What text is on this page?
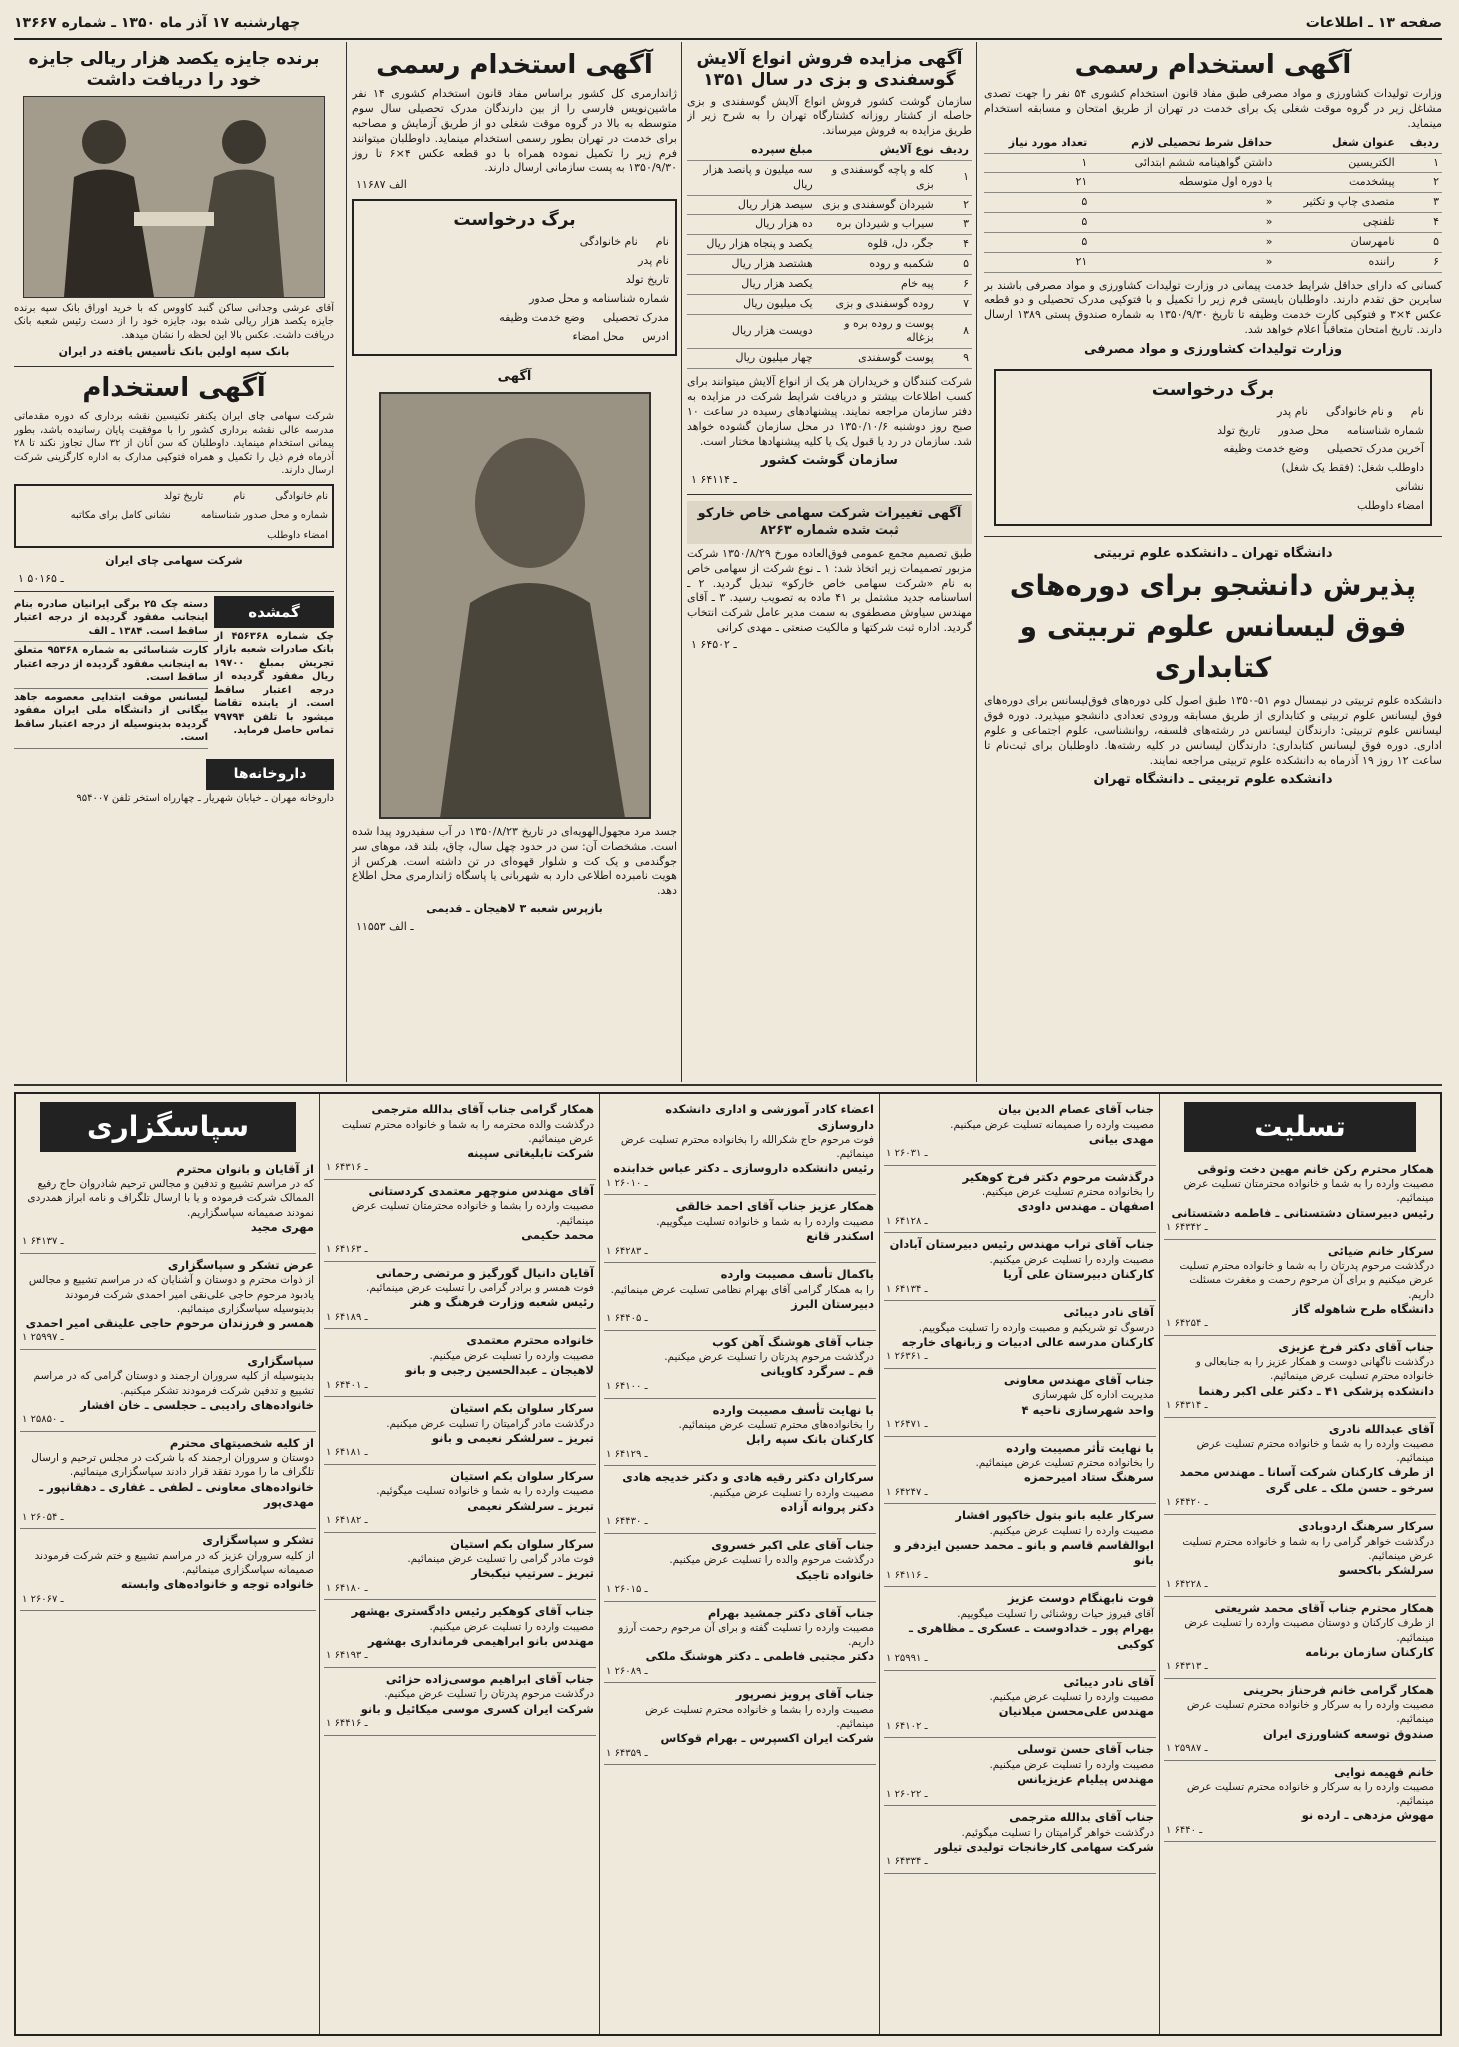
صفحه ۱۳ ـ اطلاعات
چهارشنبه ۱۷ آذر ماه ۱۳۵۰ ـ شماره ۱۳۶۶۷
آگهی استخدام رسمی
وزارت تولیدات کشاورزی و مواد مصرفی طبق مفاد قانون استخدام کشوری ۵۴ نفر را جهت تصدی مشاغل زیر در گروه موقت شغلی یک برای خدمت در تهران از طریق امتحان و مسابقه استخدام مینماید.
ردیف	عنوان شغل	حداقل شرط تحصیلی لازم	تعداد مورد نیاز
۱	الکتریسین	داشتن گواهینامه ششم ابتدائی	۱
۲	پیشخدمت	یا دوره اول متوسطه	۲۱
۳	متصدی چاپ و تکثیر	«	۵
۴	تلفنچی	«	۵
۵	نامهرسان	«	۵
۶	راننده	«	۲۱
کسانی که دارای حداقل شرایط خدمت پیمانی در وزارت تولیدات کشاورزی و مواد مصرفی باشند بر سایرین حق تقدم دارند. داوطلبان بایستی فرم زیر را تکمیل و با فتوکپی مدرک تحصیلی و دو قطعه عکس ۴×۳ و فتوکپی کارت خدمت وظیفه تا تاریخ ۱۳۵۰/۹/۳۰ به شماره صندوق پستی ۱۳۸۹ ارسال دارند. تاریخ امتحان متعاقباً اعلام خواهد شد.
وزارت تولیدات کشاورزی و مواد مصرفی
برگ درخواست
نام
و نام خانوادگی
نام پدر
شماره شناسنامه
محل صدور
تاریخ تولد
آخرین مدرک تحصیلی
وضع خدمت وظیفه
داوطلب شغل: (فقط یک شغل)
نشانی
امضاء داوطلب
دانشگاه تهران ـ دانشکده علوم تربیتی
پذیرش دانشجو برای دوره‌های فوق لیسانس علوم تربیتی و کتابداری
دانشکده علوم تربیتی در نیمسال دوم ۵۱-۱۳۵۰ طبق اصول کلی دوره‌های فوق‌لیسانس برای دوره‌های فوق لیسانس علوم تربیتی و کتابداری از طریق مسابقه ورودی تعدادی دانشجو میپذیرد. دوره فوق لیسانس علوم تربیتی: دارندگان لیسانس در رشته‌های فلسفه، روانشناسی، علوم اجتماعی و علوم اداری. دوره فوق لیسانس کتابداری: دارندگان لیسانس در کلیه رشته‌ها. داوطلبان برای ثبت‌نام تا ساعت ۱۲ روز ۱۹ آذرماه به دانشکده علوم تربیتی مراجعه نمایند.
دانشکده علوم تربیتی ـ دانشگاه تهران
آگهی مزایده فروش انواع آلایش گوسفندی و بزی در سال ۱۳۵۱
سازمان گوشت کشور فروش انواع آلایش گوسفندی و بزی حاصله از کشتار روزانه کشتارگاه تهران را به شرح زیر از طریق مزایده به فروش میرساند.
ردیف	نوع آلایش	مبلغ سپرده
۱	کله و پاچه گوسفندی و بزی	سه میلیون و پانصد هزار ریال
۲	شیردان گوسفندی و بزی	سیصد هزار ریال
۳	سیراب و شیردان بره	ده هزار ریال
۴	جگر، دل، قلوه	یکصد و پنجاه هزار ریال
۵	شکمبه و روده	هشتصد هزار ریال
۶	پیه خام	یکصد هزار ریال
۷	روده گوسفندی و بزی	یک میلیون ریال
۸	پوست و روده بره و بزغاله	دویست هزار ریال
۹	پوست گوسفندی	چهار میلیون ریال
شرکت کنندگان و خریداران هر یک از انواع آلایش میتوانند برای کسب اطلاعات بیشتر و دریافت شرایط شرکت در مزایده به دفتر سازمان مراجعه نمایند. پیشنهادهای رسیده در ساعت ۱۰ صبح روز دوشنبه ۱۳۵۰/۱۰/۶ در محل سازمان گشوده خواهد شد. سازمان در رد یا قبول یک یا کلیه پیشنهادها مختار است.
سازمان گوشت کشور
۱ ـ ۶۴۱۱۴
آگهی تغییرات شرکت سهامی خاص خارکو ثبت شده شماره ۸۲۶۳
طبق تصمیم مجمع عمومی فوق‌العاده مورخ ۱۳۵۰/۸/۲۹ شرکت مزبور تصمیمات زیر اتخاذ شد: ۱ ـ نوع شرکت از سهامی خاص به نام «شرکت سهامی خاص خارکو» تبدیل گردید. ۲ ـ اساسنامه جدید مشتمل بر ۴۱ ماده به تصویب رسید. ۳ ـ آقای مهندس سیاوش مصطفوی به سمت مدیر عامل شرکت انتخاب گردید. اداره ثبت شرکتها و مالکیت صنعتی ـ مهدی کرانی
۱ ـ ۶۴۵۰۲
آگهی استخدام رسمی
ژاندارمری کل کشور براساس مفاد قانون استخدام کشوری ۱۴ نفر ماشین‌نویس فارسی را از بین دارندگان مدرک تحصیلی سال سوم متوسطه به بالا در گروه موقت شغلی دو از طریق آزمایش و مصاحبه برای خدمت در تهران بطور رسمی استخدام مینماید. داوطلبان میتوانند فرم زیر را تکمیل نموده همراه با دو قطعه عکس ۴×۶ تا روز ۱۳۵۰/۹/۳۰ به پست سازمانی ارسال دارند.
الف ۱۱۶۸۷
برگ درخواست
نام
نام خانوادگی
نام پدر
تاریخ تولد
شماره شناسنامه و محل صدور
مدرک تحصیلی
وضع خدمت وظیفه
ادرس
محل امضاء
آگهی
جسد مرد مجهول‌الهویه‌ای در تاریخ ۱۳۵۰/۸/۲۳ در آب سفیدرود پیدا شده است. مشخصات آن: سن در حدود چهل سال، چاق، بلند قد، موهای سر جوگندمی و یک کت و شلوار قهوه‌ای در تن داشته است. هرکس از هویت نامبرده اطلاعی دارد به شهربانی یا پاسگاه ژاندارمری محل اطلاع دهد.
بازپرس شعبه ۳ لاهیجان ـ قدیمی
۱۱۵۵۳ ـ الف
برنده جایزه یکصد هزار ریالی جایزه خود را دریافت داشت
آقای عرشی وجدانی ساکن گنبد کاووس که با خرید اوراق بانک سپه برنده جایزه یکصد هزار ریالی شده بود، جایزه خود را از دست رئیس شعبه بانک دریافت داشت. عکس بالا این لحظه را نشان میدهد.
بانک سپه اولین بانک تأسیس یافته در ایران
آگهی استخدام
شرکت سهامی چای ایران یکنفر تکنیسین نقشه برداری که دوره مقدماتی مدرسه عالی نقشه برداری کشور را با موفقیت پایان رسانیده باشد، بطور پیمانی استخدام مینماید. داوطلبان که سن آنان از ۳۲ سال تجاوز نکند تا ۲۸ آذرماه فرم ذیل را تکمیل و همراه فتوکپی مدارک به اداره کارگزینی شرکت ارسال دارند.
نام خانوادگی
نام
تاریخ تولد
شماره و محل صدور شناسنامه
نشانی کامل برای مکاتبه
امضاء داوطلب
شرکت سهامی چای ایران
۱ ـ ۵۰۱۶۵
گمشده
چک شماره ۴۵۶۳۶۸ از بانک صادرات شعبه بازار تجریش بمبلغ ۱۹۷۰۰ ریال مفقود گردیده از درجه اعتبار ساقط است. از یابنده تقاضا میشود با تلفن ۷۹۷۹۴ تماس حاصل فرماید.
دسته چک ۲۵ برگی ایرانیان صادره بنام اینجانب مفقود گردیده از درجه اعتبار ساقط است. ۱۳۸۴ ـ الف
کارت شناسائی به شماره ۹۵۳۶۸ متعلق به اینجانب مفقود گردیده از درجه اعتبار ساقط است.
لیسانس موقت ابتدایی معصومه جاهد بیگانی از دانشگاه ملی ایران مفقود گردیده بدینوسیله از درجه اعتبار ساقط است.
داروخانه‌ها
داروخانه مهران ـ خیابان شهریار ـ چهارراه استخر تلفن ۹۵۴۰۰۷
تسلیت
همکار محترم رکن خانم مهین دخت وثوقی
مصیبت وارده را به شما و خانواده محترمتان تسلیت عرض مینمائیم.
رئیس دبیرستان دشتستانی ـ فاطمه دشتستانی
۱ ـ ۶۴۳۴۲
سرکار خانم ضیائی
درگذشت مرحوم پدرتان را به شما و خانواده محترم تسلیت عرض میکنیم و برای آن مرحوم رحمت و مغفرت مسئلت داریم.
دانشگاه طرح شاهوله گاز
۱ ـ ۶۴۲۵۴
جناب آقای دکتر فرخ عزیزی
درگذشت ناگهانی دوست و همکار عزیز را به جنابعالی و خانواده محترم تسلیت عرض مینمائیم.
دانشکده پزشکی ۴۱ ـ دکتر علی اکبر رهنما
۱ ـ ۶۴۳۱۴
آقای عبدالله نادری
مصیبت وارده را به شما و خانواده محترم تسلیت عرض مینمائیم.
از طرف کارکنان شرکت آسانا ـ مهندس محمد سرخو ـ حسن ملک ـ علی گری
۱ ـ ۶۴۴۲۰
سرکار سرهنگ اردوبادی
درگذشت خواهر گرامی را به شما و خانواده محترم تسلیت عرض مینمائیم.
سرلشکر باکحسو
۱ ـ ۶۴۲۲۸
همکار محترم جناب آقای محمد شریعتی
از طرف کارکنان و دوستان مصیبت وارده را تسلیت عرض مینمائیم.
کارکنان سازمان برنامه
۱ ـ ۶۴۳۱۳
همکار گرامی خانم فرحناز بحرینی
مصیبت وارده را به سرکار و خانواده محترم تسلیت عرض مینمائیم.
صندوق توسعه کشاورزی ایران
۱ ـ ۲۵۹۸۷
خانم فهیمه نوایی
مصیبت وارده را به سرکار و خانواده محترم تسلیت عرض مینمائیم.
مهوش مزدهی ـ ارده نو
۱ ـ ۶۴۴۰
جناب آقای عصام الدین بیان
مصیبت وارده را صمیمانه تسلیت عرض میکنیم.
مهدی بیانی
۱ ـ ۲۶۰۳۱
درگذشت مرحوم دکتر فرخ کوهکیر
را بخانواده محترم تسلیت عرض میکنیم.
اصفهان ـ مهندس داودی
۱ ـ ۶۴۱۲۸
جناب آقای تراب مهندس رئیس دبیرستان آبادان
مصیبت وارده را تسلیت عرض میکنیم.
کارکنان دبیرستان علی آریا
۱ ـ ۶۴۱۳۴
آقای نادر دیبائی
درسوگ تو شریکیم و مصیبت وارده را تسلیت میگوییم.
کارکنان مدرسه عالی ادبیات و زبانهای خارجه
۱ ـ ۲۶۳۶۱
جناب آقای مهندس معاونی
مدیریت اداره کل شهرسازی
واحد شهرسازی ناحیه ۴
۱ ـ ۲۶۴۷۱
با نهایت تأثر مصیبت وارده
را بخانواده محترم تسلیت عرض مینمائیم.
سرهنگ ستاد امیرحمزه
۱ ـ ۶۴۲۴۷
سرکار علیه بانو بتول خاکپور افشار
مصیبت وارده را تسلیت عرض میکنیم.
ابوالقاسم قاسم و بانو ـ محمد حسین ایزدفر و بانو
۱ ـ ۶۴۱۱۶
فوت نابهنگام دوست عزیز
آقای فیروز حیات روشنائی را تسلیت میگوییم.
بهرام پور ـ خدادوست ـ عسکری ـ مظاهری ـ کوکبی
۱ ـ ۲۵۹۹۱
آقای نادر دیبائی
مصیبت وارده را تسلیت عرض میکنیم.
مهندس علی‌محسن میلانیان
۱ ـ ۶۴۱۰۲
جناب آقای حسن توسلی
مصیبت وارده را تسلیت عرض میکنیم.
مهندس پیلیام عزیزیانس
۱ ـ ۲۶۰۲۲
جناب آقای بدالله مترجمی
درگذشت خواهر گرامیتان را تسلیت میگوئیم.
شرکت سهامی کارخانجات تولیدی تیلور
۱ ـ ۶۴۳۳۴
اعضاء کادر آموزشی و اداری دانشکده داروسازی
فوت مرحوم حاج شکرالله را بخانواده محترم تسلیت عرض مینمائیم.
رئیس دانشکده داروسازی ـ دکتر عباس خدابنده
۱ ـ ۲۶۰۱۰
همکار عزیز جناب آقای احمد خالقی
مصیبت وارده را به شما و خانواده تسلیت میگوییم.
اسکندر قانع
۱ ـ ۶۴۲۸۳
باکمال تأسف مصیبت وارده
را به همکار گرامی آقای بهرام نظامی تسلیت عرض مینمائیم.
دبیرستان البرز
۱ ـ ۶۴۴۰۵
جناب آقای هوشنگ آهن کوب
درگذشت مرحوم پدرتان را تسلیت عرض میکنیم.
قم ـ سرگرد کاویانی
۱ ـ ۶۴۱۰۰
با نهایت تأسف مصیبت وارده
را بخانواده‌های محترم تسلیت عرض مینمائیم.
کارکنان بانک سپه رابل
۱ ـ ۶۴۱۲۹
سرکاران دکتر رقیه هادی و دکتر خدیجه هادی
مصیبت وارده را تسلیت عرض میکنیم.
دکتر پروانه آزاده
۱ ـ ۶۴۴۳۰
جناب آقای علی اکبر خسروی
درگذشت مرحوم والده را تسلیت عرض میکنیم.
خانواده تاجیک
۱ ـ ۲۶۰۱۵
جناب آقای دکتر جمشید بهرام
مصیبت وارده را تسلیت گفته و برای آن مرحوم رحمت آرزو داریم.
دکتر مجتبی فاطمی ـ دکتر هوشنگ ملکی
۱ ـ ۲۶۰۸۹
جناب آقای پرویز نصرپور
مصیبت وارده را بشما و خانواده محترم تسلیت عرض مینمائیم.
شرکت ایران اکسپرس ـ بهرام قوکاس
۱ ـ ۶۴۳۵۹
همکار گرامی جناب آقای بدالله مترجمی
درگذشت والده محترمه را به شما و خانواده محترم تسلیت عرض مینمائیم.
شرکت تابلیغاتی سپینه
۱ ـ ۶۴۳۱۶
آقای مهندس منوچهر معتمدی کردستانی
مصیبت وارده را بشما و خانواده محترمتان تسلیت عرض مینمائیم.
محمد حکیمی
۱ ـ ۶۴۱۶۳
آقایان دانیال گورگیز و مرتضی رحمانی
فوت همسر و برادر گرامی را تسلیت عرض مینمائیم.
رئیس شعبه وزارت فرهنگ و هنر
۱ ـ ۶۴۱۸۹
خانواده محترم معتمدی
مصیبت وارده را تسلیت عرض میکنیم.
لاهیجان ـ عبدالحسین رجبی و بانو
۱ ـ ۶۴۴۰۱
سرکار سلوان بکم استیان
درگذشت مادر گرامیتان را تسلیت عرض میکنیم.
تبریز ـ سرلشکر نعیمی و بانو
۱ ـ ۶۴۱۸۱
سرکار سلوان بکم استیان
مصیبت وارده را به شما و خانواده تسلیت میگوئیم.
تبریز ـ سرلشکر نعیمی
۱ ـ ۶۴۱۸۲
سرکار سلوان بکم استیان
فوت مادر گرامی را تسلیت عرض مینمائیم.
تبریز ـ سرتیپ نیکبخار
۱ ـ ۶۴۱۸۰
جناب آقای کوهکیر رئیس دادگستری بهشهر
مصیبت وارده را تسلیت عرض میکنیم.
مهندس بانو ابراهیمی فرمانداری بهشهر
۱ ـ ۶۴۱۹۳
جناب آقای ابراهیم موسی‌زاده حزائی
درگذشت مرحوم پدرتان را تسلیت عرض میکنیم.
شرکت ایران کسری موسی میکائیل و بانو
۱ ـ ۶۴۴۱۶
سپاسگزاری
از آقایان و بانوان محترم
که در مراسم تشییع و تدفین و مجالس ترحیم شادروان حاج رفیع الممالک شرکت فرموده و یا با ارسال تلگراف و نامه ابراز همدردی نمودند صمیمانه سپاسگزاریم.
مهری مجید
۱ ـ ۶۴۱۳۷
عرض تشکر و سپاسگزاری
از ذوات محترم و دوستان و آشنایان که در مراسم تشییع و مجالس یادبود مرحوم حاجی علی‌نقی امیر احمدی شرکت فرمودند بدینوسیله سپاسگزاری مینمائیم.
همسر و فرزندان مرحوم حاجی علینقی امیر احمدی
۱ ـ ۲۵۹۹۷
سپاسگزاری
بدینوسیله از کلیه سروران ارجمند و دوستان گرامی که در مراسم تشییع و تدفین شرکت فرمودند تشکر میکنیم.
خانواده‌های رادیبی ـ حجلسی ـ خان افشار
۱ ـ ۲۵۸۵۰
از کلیه شخصیتهای محترم
دوستان و سروران ارجمند که با شرکت در مجلس ترحیم و ارسال تلگراف ما را مورد تفقد قرار دادند سپاسگزاری مینمائیم.
خانواده‌های معاونی ـ لطفی ـ غفاری ـ دهقانپور ـ مهدی‌پور
۱ ـ ۲۶۰۵۴
تشکر و سپاسگزاری
از کلیه سروران عزیز که در مراسم تشییع و ختم شرکت فرمودند صمیمانه سپاسگزاری مینمائیم.
خانواده توجه و خانواده‌های وابسته
۱ ـ ۲۶۰۶۷
